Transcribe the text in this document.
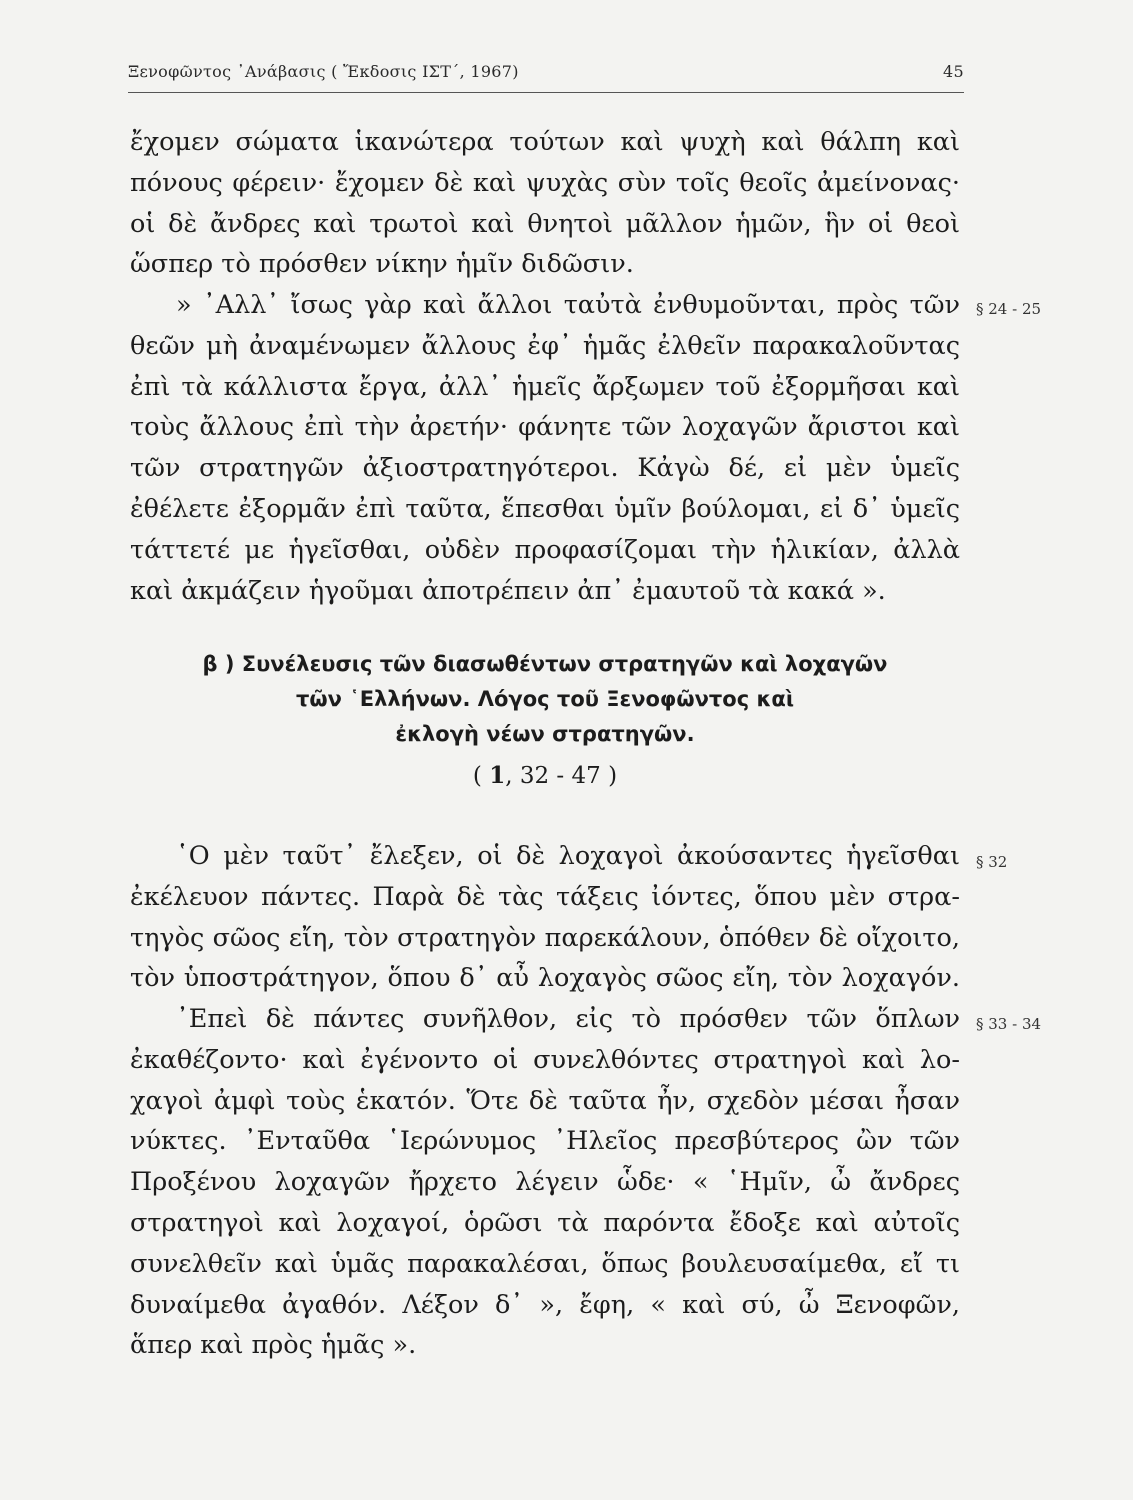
Ξενοφῶντος ᾿Ανάβασις ( Ἔκδοσις ΙΣΤ΄, 1967)	45
ἔχομεν σώματα ἱκανώτερα τούτων καὶ ψυχὴ καὶ θάλπη καὶ
πόνους φέρειν· ἔχομεν δὲ καὶ ψυχὰς σὺν τοῖς θεοῖς ἀμείνονας·
οἱ δὲ ἄνδρες καὶ τρωτοὶ καὶ θνητοὶ μᾶλλον ἡμῶν, ἣν οἱ θεοὶ
ὥσπερ τὸ πρόσθεν νίκην ἡμῖν διδῶσιν.
» ᾿Αλλ᾿ ἴσως γὰρ καὶ ἄλλοι ταὐτὰ ἐνθυμοῦνται, πρὸς τῶν
θεῶν μὴ ἀναμένωμεν ἄλλους ἐφ᾿ ἡμᾶς ἐλθεῖν παρακαλοῦντας
ἐπὶ τὰ κάλλιστα ἔργα, ἀλλ᾿ ἡμεῖς ἄρξωμεν τοῦ ἐξορμῆσαι καὶ
τοὺς ἄλλους ἐπὶ τὴν ἀρετήν· φάνητε τῶν λοχαγῶν ἄριστοι καὶ
τῶν στρατηγῶν ἀξιοστρατηγότεροι. Κἀγὼ δέ, εἰ μὲν ὑμεῖς
ἐθέλετε ἐξορμᾶν ἐπὶ ταῦτα, ἕπεσθαι ὑμῖν βούλομαι, εἰ δ᾿ ὑμεῖς
τάττετέ με ἡγεῖσθαι, οὐδὲν προφασίζομαι τὴν ἡλικίαν, ἀλλὰ
καὶ ἀκμάζειν ἡγοῦμαι ἀποτρέπειν ἀπ᾿ ἐμαυτοῦ τὰ κακά ».
§ 24 - 25
β ) Συνέλευσις τῶν διασωθέντων στρατηγῶν καὶ λοχαγῶν
τῶν ῾Ελλήνων. Λόγος τοῦ Ξενοφῶντος καὶ
ἐκλογὴ νέων στρατηγῶν.
( 1, 32 - 47 )
῾Ο μὲν ταῦτ᾿ ἔλεξεν, οἱ δὲ λοχαγοὶ ἀκούσαντες ἡγεῖσθαι
ἐκέλευον πάντες. Παρὰ δὲ τὰς τάξεις ἰόντες, ὅπου μὲν στρα-
τηγὸς σῶος εἴη, τὸν στρατηγὸν παρεκάλουν, ὁπόθεν δὲ οἴχοιτο,
τὸν ὑποστράτηγον, ὅπου δ᾿ αὖ λοχαγὸς σῶος εἴη, τὸν λοχαγόν.
§ 32
᾿Επεὶ δὲ πάντες συνῆλθον, εἰς τὸ πρόσθεν τῶν ὅπλων
ἐκαθέζοντο· καὶ ἐγένοντο οἱ συνελθόντες στρατηγοὶ καὶ λο-
χαγοὶ ἀμφὶ τοὺς ἑκατόν. Ὅτε δὲ ταῦτα ἦν, σχεδὸν μέσαι ἦσαν
νύκτες. ᾿Ενταῦθα ῾Ιερώνυμος ᾿Ηλεῖος πρεσβύτερος ὢν τῶν
Προξένου λοχαγῶν ἤρχετο λέγειν ὧδε· « ῾Ημῖν, ὦ ἄνδρες
στρατηγοὶ καὶ λοχαγοί, ὁρῶσι τὰ παρόντα ἔδοξε καὶ αὐτοῖς
συνελθεῖν καὶ ὑμᾶς παρακαλέσαι, ὅπως βουλευσαίμεθα, εἴ τι
δυναίμεθα ἀγαθόν. Λέξον δ᾿ », ἔφη, « καὶ σύ, ὦ Ξενοφῶν,
ἅπερ καὶ πρὸς ἡμᾶς ».
§ 33 - 34
